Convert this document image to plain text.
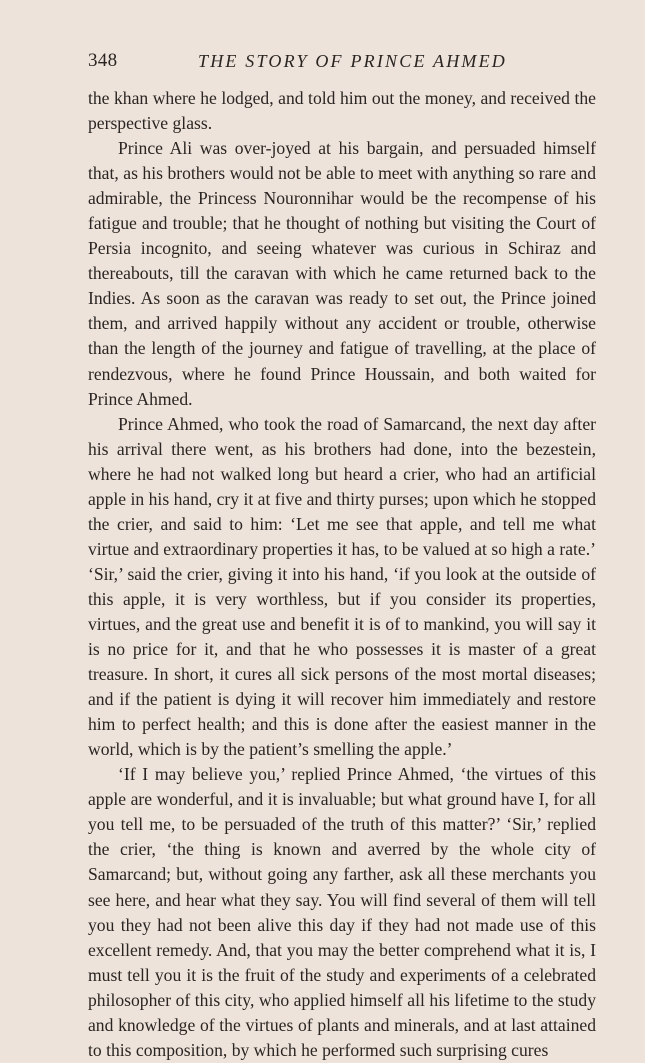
348	THE STORY OF PRINCE AHMED

the khan where he lodged, and told him out the money, and received the perspective glass.

Prince Ali was over-joyed at his bargain, and persuaded himself that, as his brothers would not be able to meet with anything so rare and admirable, the Princess Nouronnihar would be the recompense of his fatigue and trouble; that he thought of nothing but visiting the Court of Persia incognito, and seeing whatever was curious in Schiraz and thereabouts, till the caravan with which he came returned back to the Indies. As soon as the caravan was ready to set out, the Prince joined them, and arrived happily without any accident or trouble, otherwise than the length of the journey and fatigue of travelling, at the place of rendezvous, where he found Prince Houssain, and both waited for Prince Ahmed.

Prince Ahmed, who took the road of Samarcand, the next day after his arrival there went, as his brothers had done, into the bezestein, where he had not walked long but heard a crier, who had an artificial apple in his hand, cry it at five and thirty purses; upon which he stopped the crier, and said to him: ‘Let me see that apple, and tell me what virtue and extraordinary properties it has, to be valued at so high a rate.’ ‘Sir,’ said the crier, giving it into his hand, ‘if you look at the outside of this apple, it is very worthless, but if you consider its properties, virtues, and the great use and benefit it is of to mankind, you will say it is no price for it, and that he who possesses it is master of a great treasure. In short, it cures all sick persons of the most mortal diseases; and if the patient is dying it will recover him immediately and restore him to perfect health; and this is done after the easiest manner in the world, which is by the patient’s smelling the apple.’

‘If I may believe you,’ replied Prince Ahmed, ‘the virtues of this apple are wonderful, and it is invaluable; but what ground have I, for all you tell me, to be persuaded of the truth of this matter?’ ‘Sir,’ replied the crier, ‘the thing is known and averred by the whole city of Samarcand; but, without going any farther, ask all these merchants you see here, and hear what they say. You will find several of them will tell you they had not been alive this day if they had not made use of this excellent remedy. And, that you may the better comprehend what it is, I must tell you it is the fruit of the study and experiments of a celebrated philosopher of this city, who applied himself all his lifetime to the study and knowledge of the virtues of plants and minerals, and at last attained to this composition, by which he performed such surprising cures
